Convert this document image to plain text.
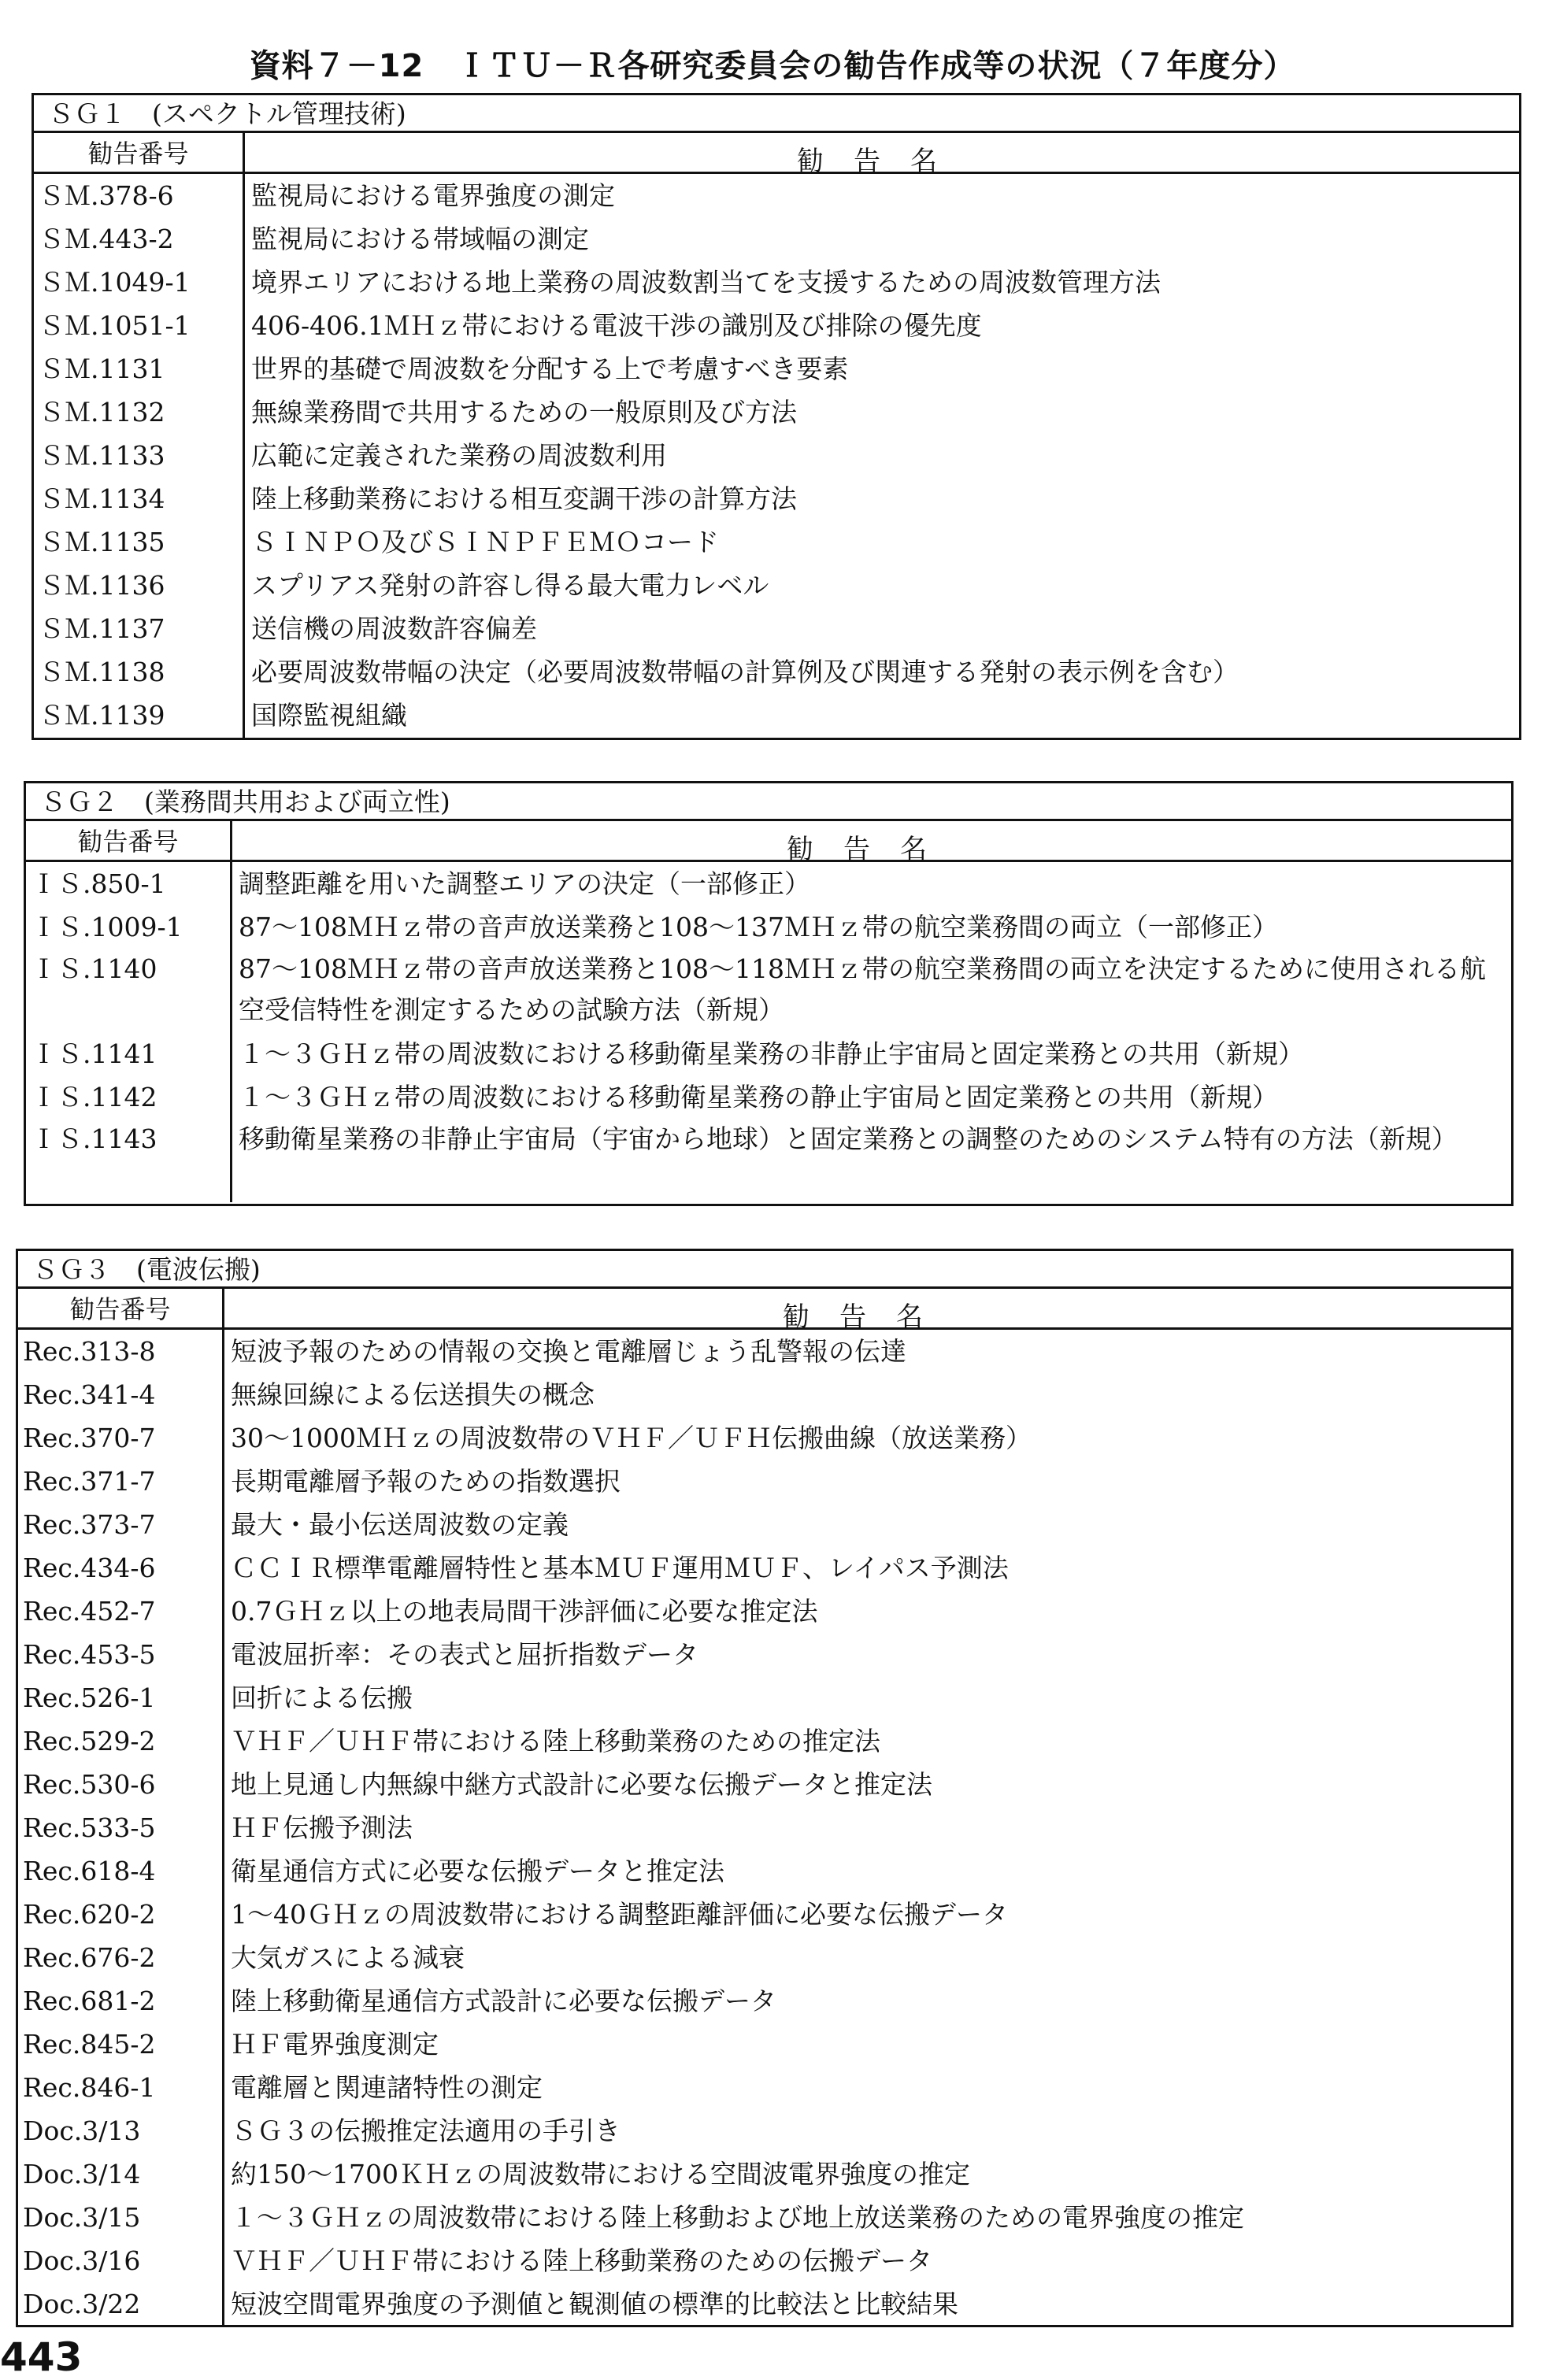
資料７－12　ＩＴＵ－Ｒ各研究委員会の勧告作成等の状況（７年度分）
ＳＧ１　(スペクトル管理技術)
勧告番号	勧告名
ＳＭ.378-6	監視局における電界強度の測定
ＳＭ.443-2	監視局における帯域幅の測定
ＳＭ.1049-1	境界エリアにおける地上業務の周波数割当てを支援するための周波数管理方法
ＳＭ.1051-1	406-406.1ＭＨｚ帯における電波干渉の識別及び排除の優先度
ＳＭ.1131	世界的基礎で周波数を分配する上で考慮すべき要素
ＳＭ.1132	無線業務間で共用するための一般原則及び方法
ＳＭ.1133	広範に定義された業務の周波数利用
ＳＭ.1134	陸上移動業務における相互変調干渉の計算方法
ＳＭ.1135	ＳＩＮＰＯ及びＳＩＮＰＦＥＭＯコード
ＳＭ.1136	スプリアス発射の許容し得る最大電力レベル
ＳＭ.1137	送信機の周波数許容偏差
ＳＭ.1138	必要周波数帯幅の決定（必要周波数帯幅の計算例及び関連する発射の表示例を含む）
ＳＭ.1139	国際監視組織
ＳＧ２　(業務間共用および両立性)
勧告番号	勧告名
ＩＳ.850-1	調整距離を用いた調整エリアの決定（一部修正）
ＩＳ.1009-1	87～108ＭＨｚ帯の音声放送業務と108～137ＭＨｚ帯の航空業務間の両立（一部修正）
ＩＳ.1140	87～108ＭＨｚ帯の音声放送業務と108～118ＭＨｚ帯の航空業務間の両立を決定するために使用される航空受信特性を測定するための試験方法（新規）
ＩＳ.1141	１～３ＧＨｚ帯の周波数における移動衛星業務の非静止宇宙局と固定業務との共用（新規）
ＩＳ.1142	１～３ＧＨｚ帯の周波数における移動衛星業務の静止宇宙局と固定業務との共用（新規）
ＩＳ.1143	移動衛星業務の非静止宇宙局（宇宙から地球）と固定業務との調整のためのシステム特有の方法（新規）
ＳＧ３　(電波伝搬)
勧告番号	勧告名
Rec.313-8	短波予報のための情報の交換と電離層じょう乱警報の伝達
Rec.341-4	無線回線による伝送損失の概念
Rec.370-7	30～1000ＭＨｚの周波数帯のＶＨＦ／ＵＦＨ伝搬曲線（放送業務）
Rec.371-7	長期電離層予報のための指数選択
Rec.373-7	最大・最小伝送周波数の定義
Rec.434-6	ＣＣＩＲ標準電離層特性と基本ＭＵＦ運用ＭＵＦ、レイパス予測法
Rec.452-7	0.7ＧＨｚ以上の地表局間干渉評価に必要な推定法
Rec.453-5	電波屈折率：その表式と屈折指数データ
Rec.526-1	回折による伝搬
Rec.529-2	ＶＨＦ／ＵＨＦ帯における陸上移動業務のための推定法
Rec.530-6	地上見通し内無線中継方式設計に必要な伝搬データと推定法
Rec.533-5	ＨＦ伝搬予測法
Rec.618-4	衛星通信方式に必要な伝搬データと推定法
Rec.620-2	1～40ＧＨｚの周波数帯における調整距離評価に必要な伝搬データ
Rec.676-2	大気ガスによる減衰
Rec.681-2	陸上移動衛星通信方式設計に必要な伝搬データ
Rec.845-2	ＨＦ電界強度測定
Rec.846-1	電離層と関連諸特性の測定
Doc.3/13	ＳＧ３の伝搬推定法適用の手引き
Doc.3/14	約150～1700ＫＨｚの周波数帯における空間波電界強度の推定
Doc.3/15	１～３ＧＨｚの周波数帯における陸上移動および地上放送業務のための電界強度の推定
Doc.3/16	ＶＨＦ／ＵＨＦ帯における陸上移動業務のための伝搬データ
Doc.3/22	短波空間電界強度の予測値と観測値の標準的比較法と比較結果
443
